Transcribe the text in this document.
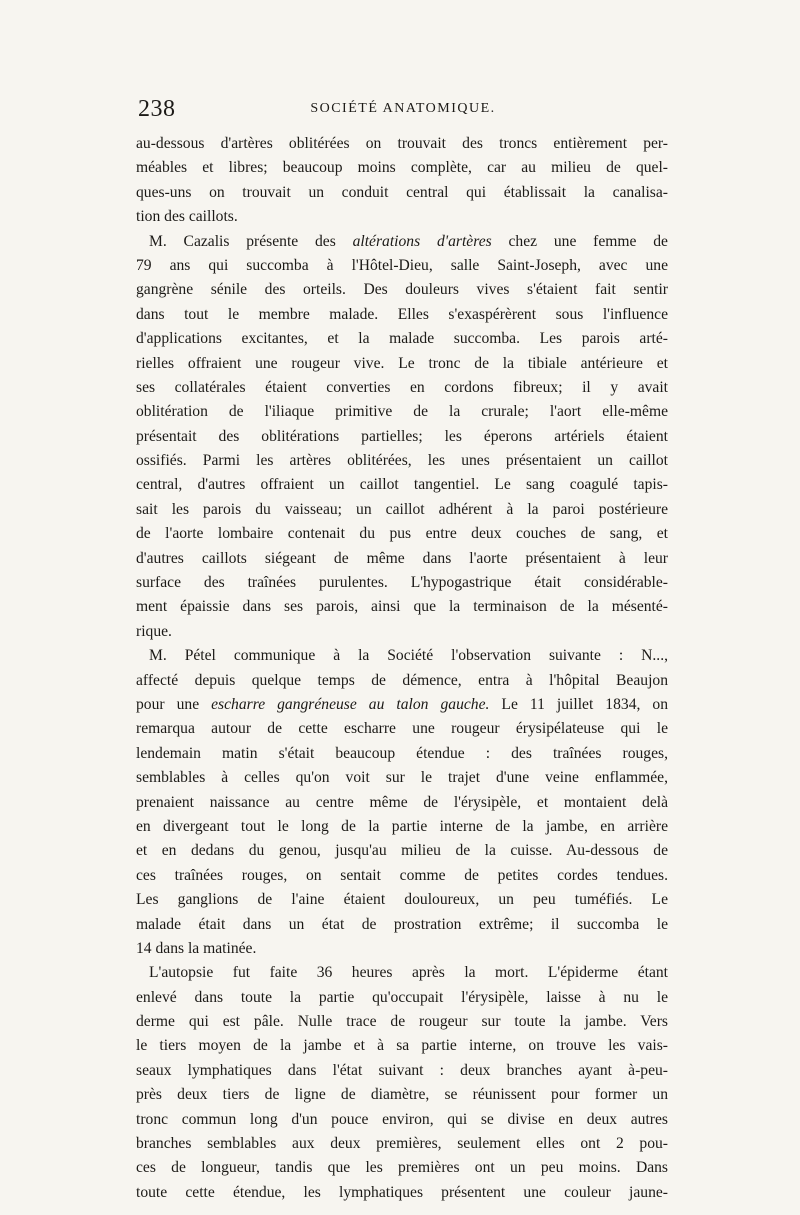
238	SOCIÉTÉ ANATOMIQUE.
au-dessous d'artères oblitérées on trouvait des troncs entièrement per-
méables et libres; beaucoup moins complète, car au milieu de quel-
ques-uns on trouvait un conduit central qui établissait la canalisa-
tion des caillots.
M. Cazalis présente des altérations d'artères chez une femme de
79 ans qui succomba à l'Hôtel-Dieu, salle Saint-Joseph, avec une
gangrène sénile des orteils. Des douleurs vives s'étaient fait sentir
dans tout le membre malade. Elles s'exaspérèrent sous l'influence
d'applications excitantes, et la malade succomba. Les parois arté-
rielles offraient une rougeur vive. Le tronc de la tibiale antérieure et
ses collatérales étaient converties en cordons fibreux; il y avait
oblitération de l'iliaque primitive de la crurale; l'aort elle-même
présentait des oblitérations partielles; les éperons artériels étaient
ossifiés. Parmi les artères oblitérées, les unes présentaient un caillot
central, d'autres offraient un caillot tangentiel. Le sang coagulé tapis-
sait les parois du vaisseau; un caillot adhérent à la paroi postérieure
de l'aorte lombaire contenait du pus entre deux couches de sang, et
d'autres caillots siégeant de même dans l'aorte présentaient à leur
surface des traînées purulentes. L'hypogastrique était considérable-
ment épaissie dans ses parois, ainsi que la terminaison de la mésenté-
rique.
M. Pétel communique à la Société l'observation suivante : N...,
affecté depuis quelque temps de démence, entra à l'hôpital Beaujon
pour une escharre gangréneuse au talon gauche. Le 11 juillet 1834, on
remarqua autour de cette escharre une rougeur érysipélateuse qui le
lendemain matin s'était beaucoup étendue : des traînées rouges,
semblables à celles qu'on voit sur le trajet d'une veine enflammée,
prenaient naissance au centre même de l'érysipèle, et montaient delà
en divergeant tout le long de la partie interne de la jambe, en arrière
et en dedans du genou, jusqu'au milieu de la cuisse. Au-dessous de
ces traînées rouges, on sentait comme de petites cordes tendues.
Les ganglions de l'aine étaient douloureux, un peu tuméfiés. Le
malade était dans un état de prostration extrême; il succomba le
14 dans la matinée.
L'autopsie fut faite 36 heures après la mort. L'épiderme étant
enlevé dans toute la partie qu'occupait l'érysipèle, laisse à nu le
derme qui est pâle. Nulle trace de rougeur sur toute la jambe. Vers
le tiers moyen de la jambe et à sa partie interne, on trouve les vais-
seaux lymphatiques dans l'état suivant : deux branches ayant à-peu-
près deux tiers de ligne de diamètre, se réunissent pour former un
tronc commun long d'un pouce environ, qui se divise en deux autres
branches semblables aux deux premières, seulement elles ont 2 pou-
ces de longueur, tandis que les premières ont un peu moins. Dans
toute cette étendue, les lymphatiques présentent une couleur jaune-
